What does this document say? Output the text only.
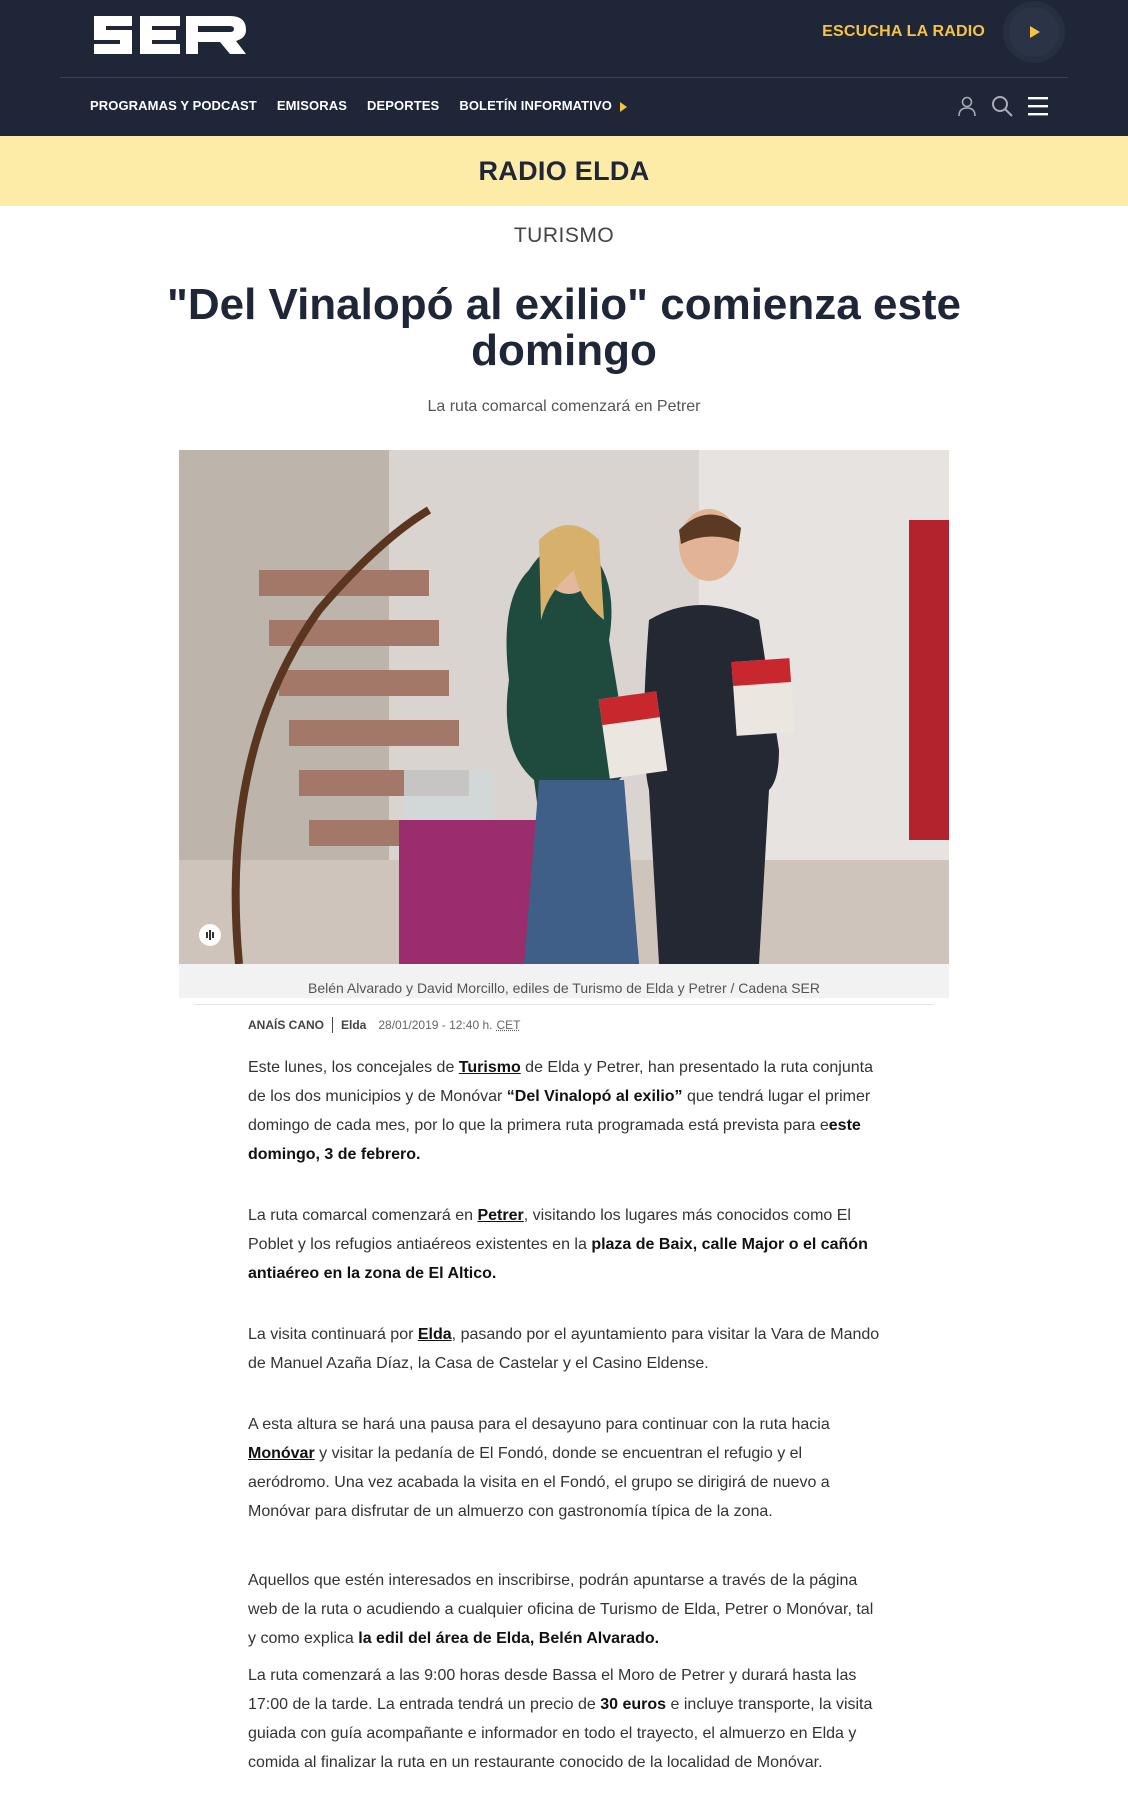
ESCUCHA LA RADIO
PROGRAMAS Y PODCAST EMISORAS DEPORTES BOLETÍN INFORMATIVO
RADIO ELDA
TURISMO
"Del Vinalopó al exilio" comienza este domingo
La ruta comarcal comenzará en Petrer
Belén Alvarado y David Morcillo, ediles de Turismo de Elda y Petrer / Cadena SER
ANAÍS CANO Elda 28/01/2019 - 12:40 h. CET

Este lunes, los concejales de Turismo de Elda y Petrer, han presentado la ruta conjunta de los dos municipios y de Monóvar “Del Vinalopó al exilio” que tendrá lugar el primer domingo de cada mes, por lo que la primera ruta programada está prevista para eeste domingo, 3 de febrero.

La ruta comarcal comenzará en Petrer, visitando los lugares más conocidos como El Poblet y los refugios antiaéreos existentes en la plaza de Baix, calle Major o el cañón antiaéreo en la zona de El Altico.

La visita continuará por Elda, pasando por el ayuntamiento para visitar la Vara de Mando de Manuel Azaña Díaz, la Casa de Castelar y el Casino Eldense.

A esta altura se hará una pausa para el desayuno para continuar con la ruta hacia Monóvar y visitar la pedanía de El Fondó, donde se encuentran el refugio y el aeródromo. Una vez acabada la visita en el Fondó, el grupo se dirigirá de nuevo a Monóvar para disfrutar de un almuerzo con gastronomía típica de la zona.

Aquellos que estén interesados en inscribirse, podrán apuntarse a través de la página web de la ruta o acudiendo a cualquier oficina de Turismo de Elda, Petrer o Monóvar, tal y como explica la edil del área de Elda, Belén Alvarado.

La ruta comenzará a las 9:00 horas desde Bassa el Moro de Petrer y durará hasta las 17:00 de la tarde. La entrada tendrá un precio de 30 euros e incluye transporte, la visita guiada con guía acompañante e informador en todo el trayecto, el almuerzo en Elda y comida al finalizar la ruta en un restaurante conocido de la localidad de Monóvar.
